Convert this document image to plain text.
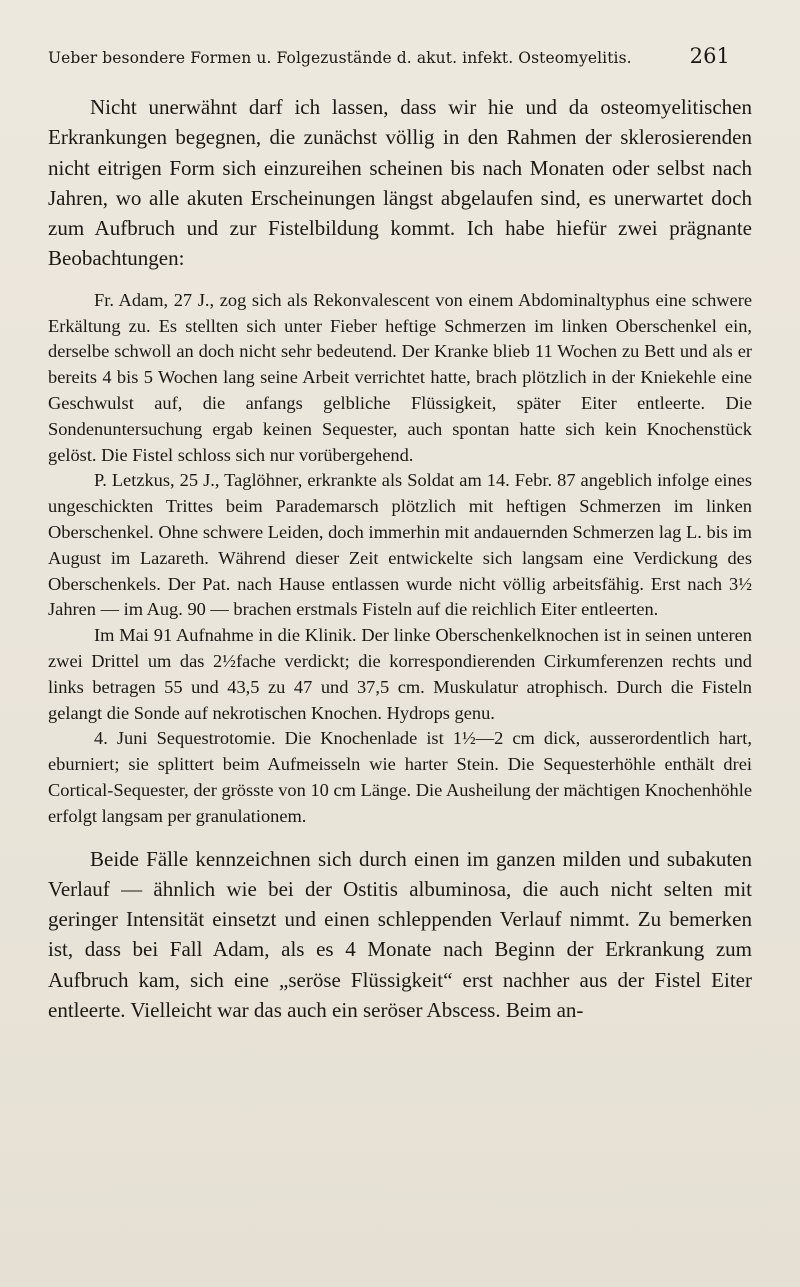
Ueber besondere Formen u. Folgezustände d. akut. infekt. Osteomyelitis.	261

Nicht unerwähnt darf ich lassen, dass wir hie und da osteomyelitischen Erkrankungen begegnen, die zunächst völlig in den Rahmen der sklerosierenden nicht eitrigen Form sich einzureihen scheinen bis nach Monaten oder selbst nach Jahren, wo alle akuten Erscheinungen längst abgelaufen sind, es unerwartet doch zum Aufbruch und zur Fistelbildung kommt. Ich habe hiefür zwei prägnante Beobachtungen:

Fr. Adam, 27 J., zog sich als Rekonvalescent von einem Abdominaltyphus eine schwere Erkältung zu. Es stellten sich unter Fieber heftige Schmerzen im linken Oberschenkel ein, derselbe schwoll an doch nicht sehr bedeutend. Der Kranke blieb 11 Wochen zu Bett und als er bereits 4 bis 5 Wochen lang seine Arbeit verrichtet hatte, brach plötzlich in der Kniekehle eine Geschwulst auf, die anfangs gelbliche Flüssigkeit, später Eiter entleerte. Die Sondenuntersuchung ergab keinen Sequester, auch spontan hatte sich kein Knochenstück gelöst. Die Fistel schloss sich nur vorübergehend.

P. Letzkus, 25 J., Taglöhner, erkrankte als Soldat am 14. Febr. 87 angeblich infolge eines ungeschickten Trittes beim Parademarsch plötzlich mit heftigen Schmerzen im linken Oberschenkel. Ohne schwere Leiden, doch immerhin mit andauernden Schmerzen lag L. bis im August im Lazareth. Während dieser Zeit entwickelte sich langsam eine Verdickung des Oberschenkels. Der Pat. nach Hause entlassen wurde nicht völlig arbeitsfähig. Erst nach 3½ Jahren — im Aug. 90 — brachen erstmals Fisteln auf die reichlich Eiter entleerten.

Im Mai 91 Aufnahme in die Klinik. Der linke Oberschenkelknochen ist in seinen unteren zwei Drittel um das 2½fache verdickt; die korrespondierenden Cirkumferenzen rechts und links betragen 55 und 43,5 zu 47 und 37,5 cm. Muskulatur atrophisch. Durch die Fisteln gelangt die Sonde auf nekrotischen Knochen. Hydrops genu.

4. Juni Sequestrotomie. Die Knochenlade ist 1½—2 cm dick, ausserordentlich hart, eburniert; sie splittert beim Aufmeisseln wie harter Stein. Die Sequesterhöhle enthält drei Cortical-Sequester, der grösste von 10 cm Länge. Die Ausheilung der mächtigen Knochenhöhle erfolgt langsam per granulationem.

Beide Fälle kennzeichnen sich durch einen im ganzen milden und subakuten Verlauf — ähnlich wie bei der Ostitis albuminosa, die auch nicht selten mit geringer Intensität einsetzt und einen schleppenden Verlauf nimmt. Zu bemerken ist, dass bei Fall Adam, als es 4 Monate nach Beginn der Erkrankung zum Aufbruch kam, sich eine „seröse Flüssigkeit“ erst nachher aus der Fistel Eiter entleerte. Vielleicht war das auch ein seröser Abscess. Beim an-
